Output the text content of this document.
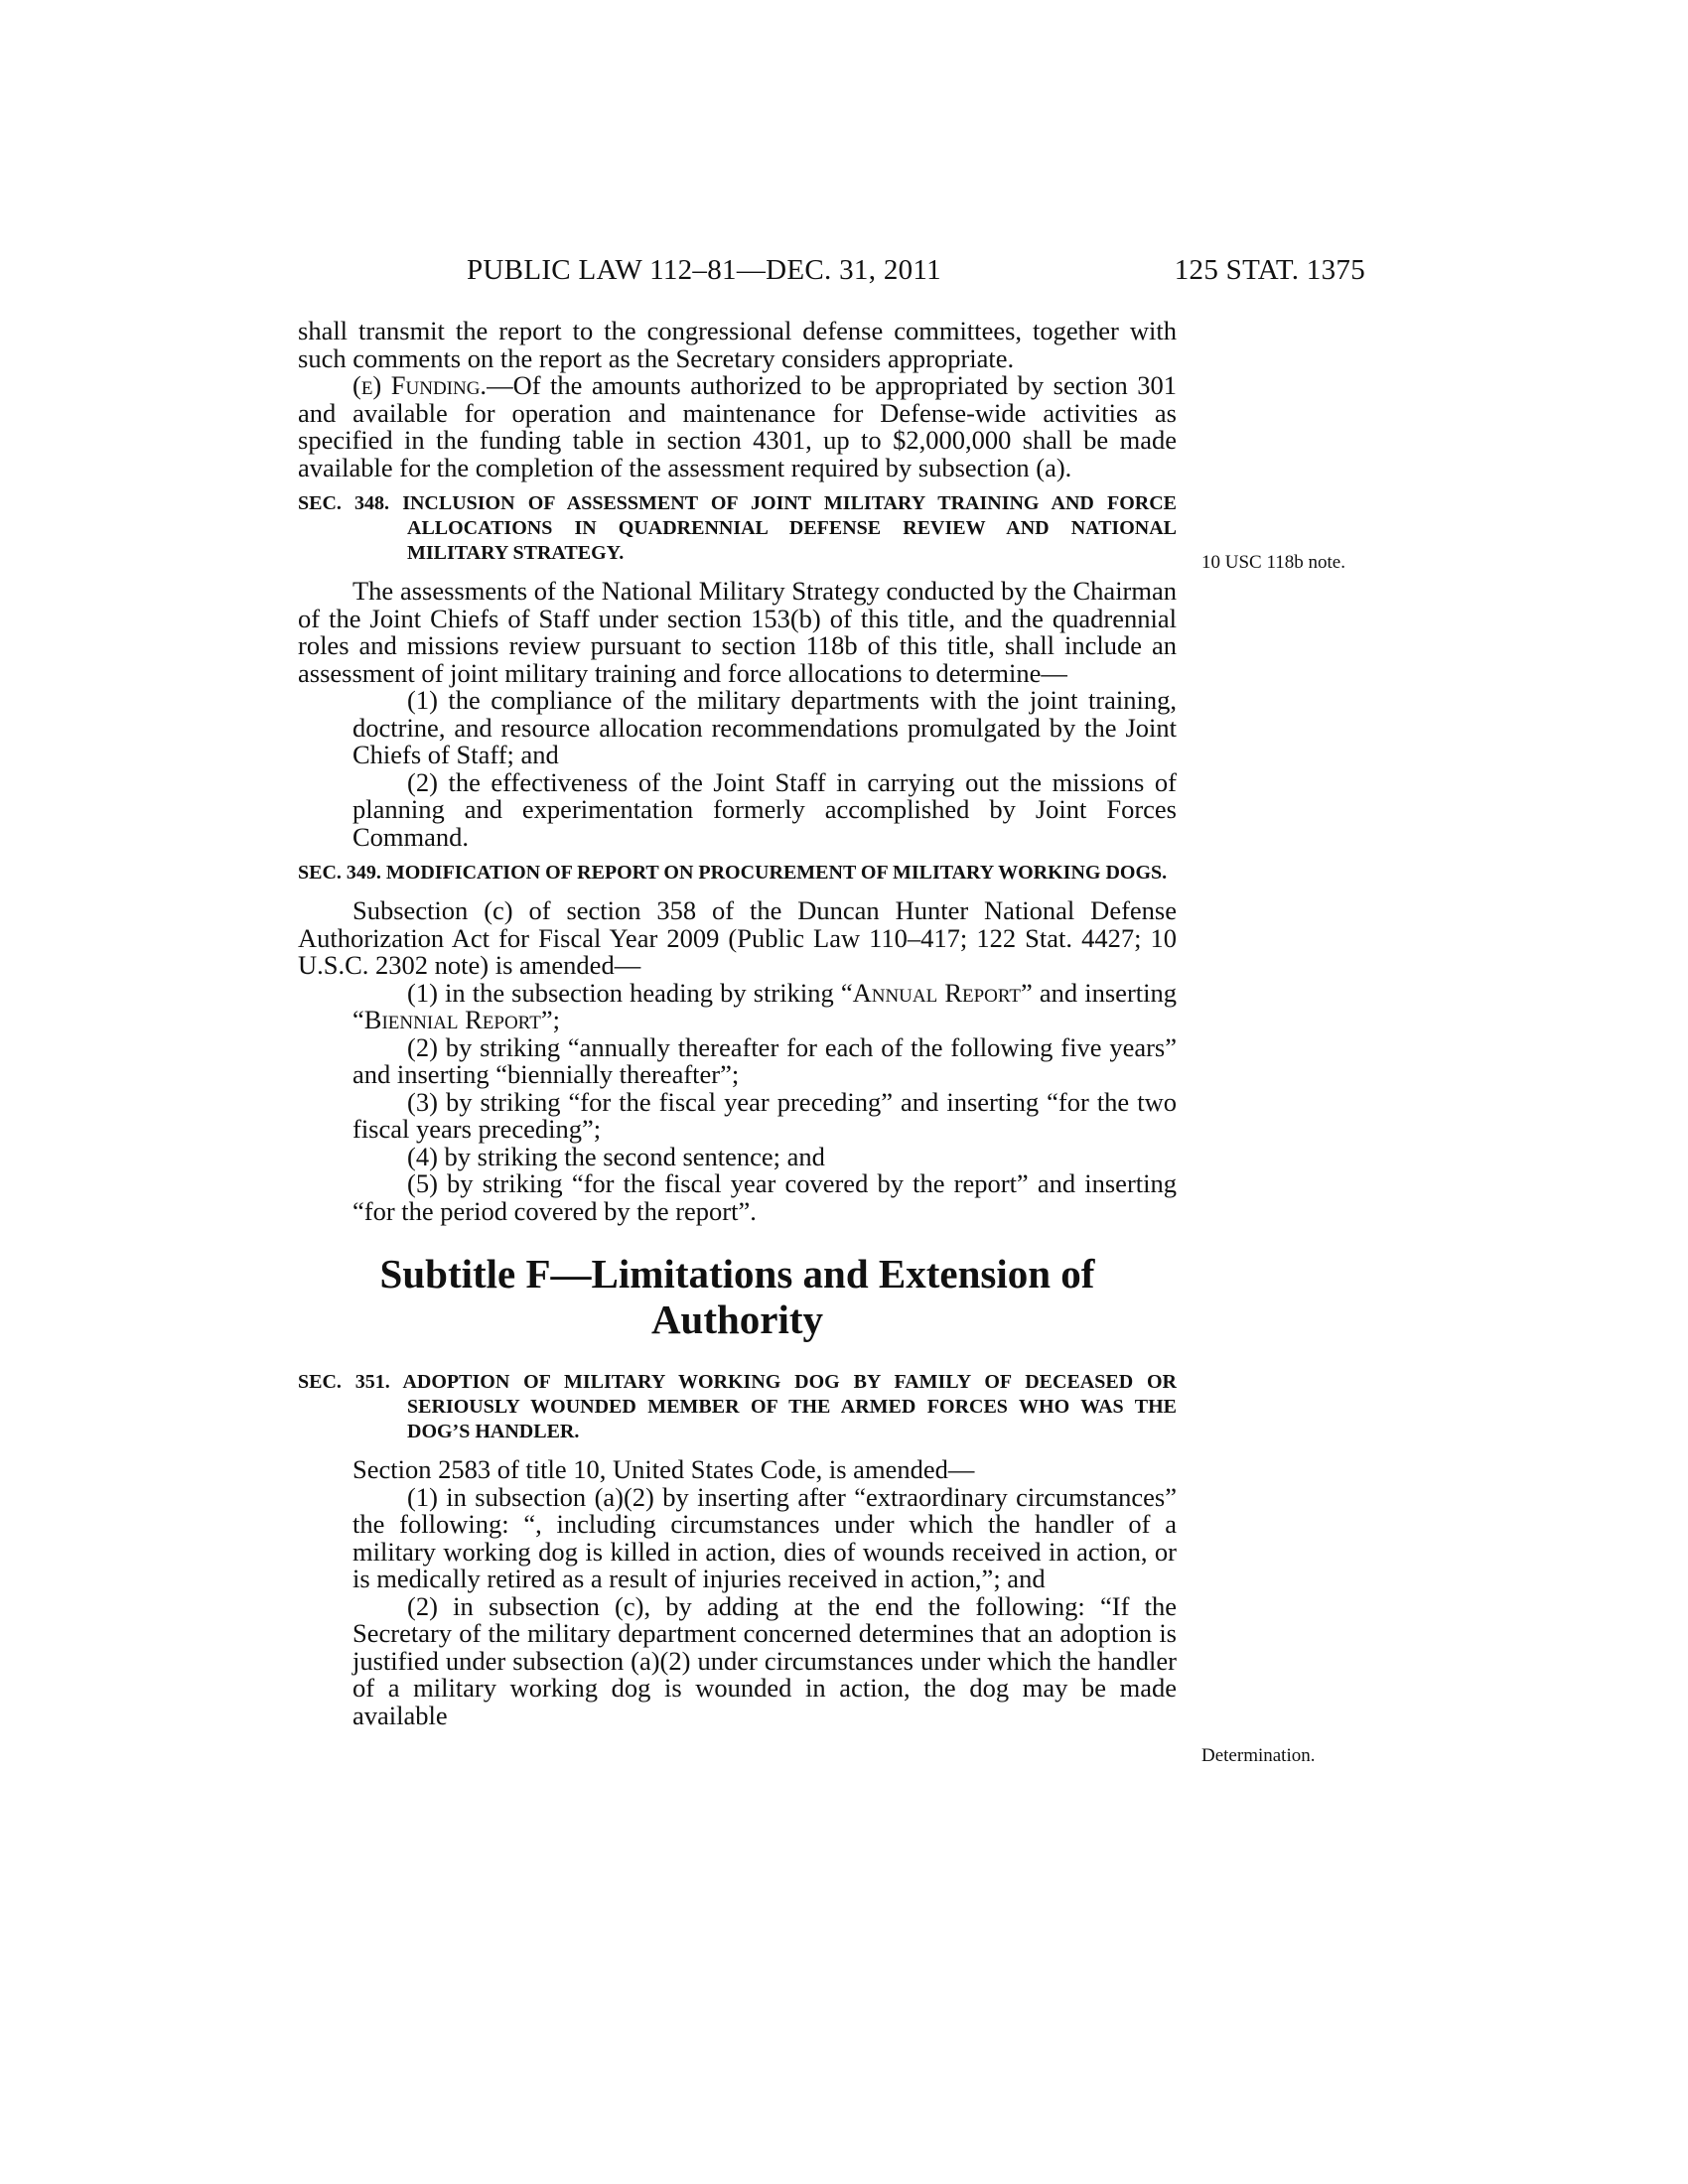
PUBLIC LAW 112–81—DEC. 31, 2011	125 STAT. 1375
10 USC 118b note.
Determination.

shall transmit the report to the congressional defense committees, together with such comments on the report as the Secretary considers appropriate.

(e) Funding.—Of the amounts authorized to be appropriated by section 301 and available for operation and maintenance for Defense-wide activities as specified in the funding table in section 4301, up to $2,000,000 shall be made available for the completion of the assessment required by subsection (a).

SEC. 348. INCLUSION OF ASSESSMENT OF JOINT MILITARY TRAINING AND FORCE ALLOCATIONS IN QUADRENNIAL DEFENSE REVIEW AND NATIONAL MILITARY STRATEGY.

The assessments of the National Military Strategy conducted by the Chairman of the Joint Chiefs of Staff under section 153(b) of this title, and the quadrennial roles and missions review pursuant to section 118b of this title, shall include an assessment of joint military training and force allocations to determine—

(1) the compliance of the military departments with the joint training, doctrine, and resource allocation recommendations promulgated by the Joint Chiefs of Staff; and

(2) the effectiveness of the Joint Staff in carrying out the missions of planning and experimentation formerly accomplished by Joint Forces Command.

SEC. 349. MODIFICATION OF REPORT ON PROCUREMENT OF MILITARY WORKING DOGS.

Subsection (c) of section 358 of the Duncan Hunter National Defense Authorization Act for Fiscal Year 2009 (Public Law 110–417; 122 Stat. 4427; 10 U.S.C. 2302 note) is amended—

(1) in the subsection heading by striking “Annual Report” and inserting “Biennial Report”;

(2) by striking “annually thereafter for each of the following five years” and inserting “biennially thereafter”;

(3) by striking “for the fiscal year preceding” and inserting “for the two fiscal years preceding”;

(4) by striking the second sentence; and

(5) by striking “for the fiscal year covered by the report” and inserting “for the period covered by the report”.

Subtitle F—Limitations and Extension of
Authority
SEC. 351. ADOPTION OF MILITARY WORKING DOG BY FAMILY OF DECEASED OR SERIOUSLY WOUNDED MEMBER OF THE ARMED FORCES WHO WAS THE DOG’S HANDLER.

Section 2583 of title 10, United States Code, is amended—

(1) in subsection (a)(2) by inserting after “extraordinary circumstances” the following: “, including circumstances under which the handler of a military working dog is killed in action, dies of wounds received in action, or is medically retired as a result of injuries received in action,”; and

(2) in subsection (c), by adding at the end the following: “If the Secretary of the military department concerned determines that an adoption is justified under subsection (a)(2) under circumstances under which the handler of a military working dog is wounded in action, the dog may be made available
